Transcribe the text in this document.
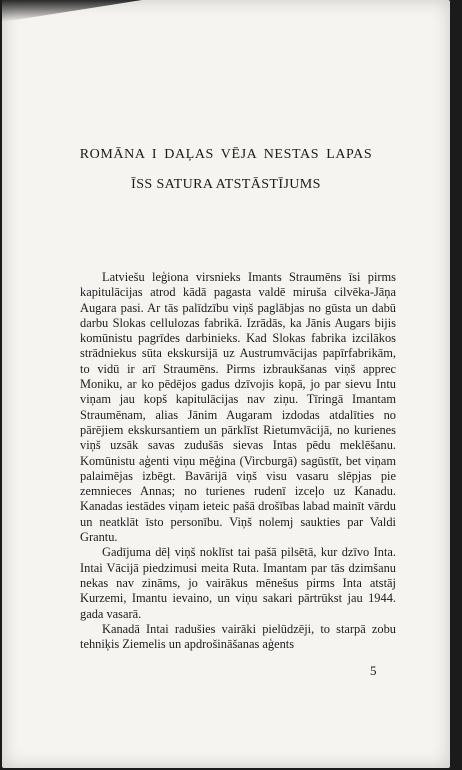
ROMĀNA I DAĻAS VĒJA NESTAS LAPAS
ĪSS SATURA ATSTĀSTĪJUMS

Latviešu leģiona virsnieks Imants Straumēns īsi pirms kapitulācijas atrod kādā pagasta valdē miruša cilvēka-Jāņa Augara pasi. Ar tās palīdzību viņš paglābjas no gūsta un dabū darbu Slokas cellulozas fabrikā. Izrādās, ka Jānis Augars bijis komūnistu pagrīdes darbinieks. Kad Slokas fabrika izcilākos strādniekus sūta ekskursijā uz Austrumvācijas papīrfabrikām, to vidū ir arī Straumēns. Pirms izbraukšanas viņš apprec Moniku, ar ko pēdējos gadus dzīvojis kopā, jo par sievu Intu viņam jau kopš kapitulācijas nav ziņu. Tīringā Imantam Straumēnam, alias Jānim Augaram izdodas atdalīties no pārējiem ekskursantiem un pārklīst Rietumvācijā, no kurienes viņš uzsāk savas zudušās sievas Intas pēdu meklēšanu. Komūnistu aģenti viņu mēģina (Vircburgā) sagūstīt, bet viņam palaimējas izbēgt. Bavārijā viņš visu vasaru slēpjas pie zemnieces Annas; no turienes rudenī izceļo uz Kanadu. Kanadas iestādes viņam ieteic pašā drošības labad mainīt vārdu un neatklāt īsto personību. Viņš nolemj saukties par Valdi Grantu.

Gadījuma dēļ viņš noklīst tai pašā pilsētā, kur dzīvo Inta. Intai Vācijā piedzimusi meita Ruta. Imantam par tās dzimšanu nekas nav zināms, jo vairākus mēnešus pirms Inta atstāj Kurzemi, Imantu ievaino, un viņu sakari pārtrūkst jau 1944. gada vasarā.

Kanadā Intai radušies vairāki pielūdzēji, to starpā zobu tehniķis Ziemelis un apdrošināšanas aģents

5
